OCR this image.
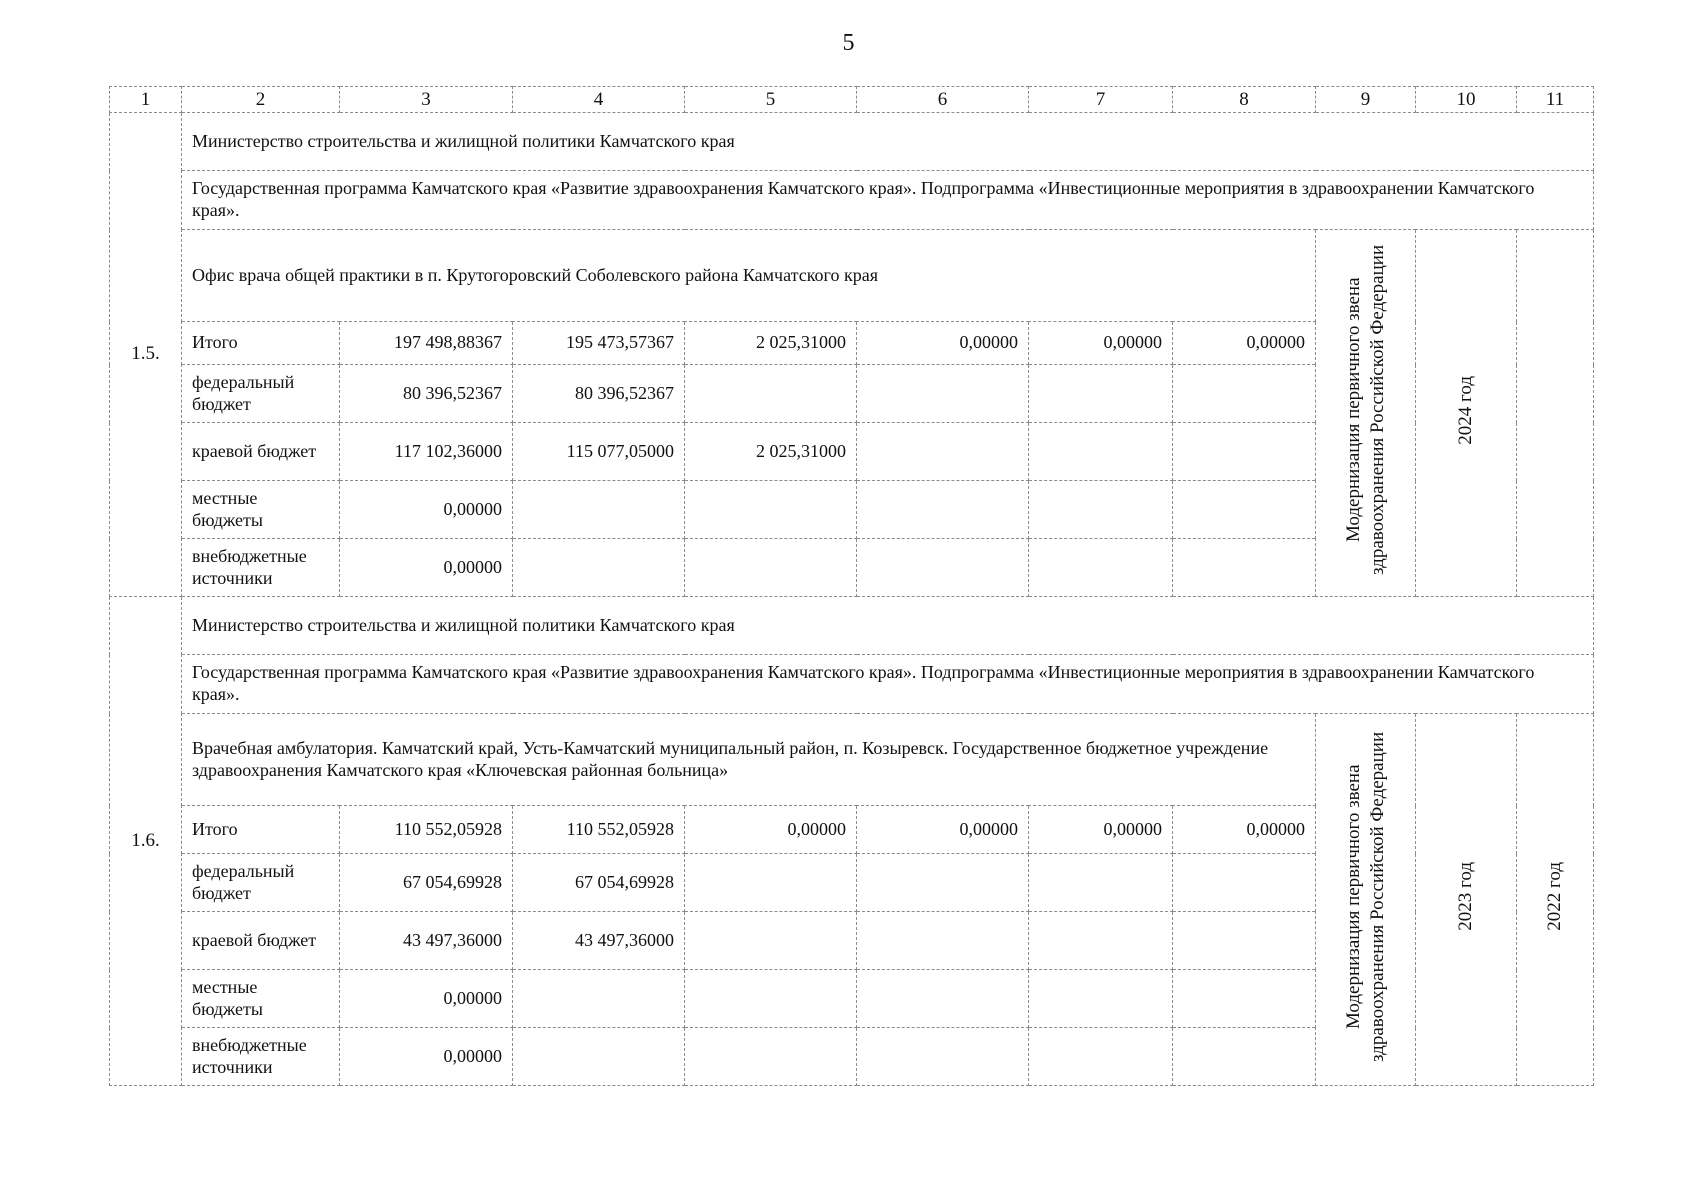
5
1	2	3	4	5	6	7	8	9	10	11
1.5.	Министерство строительства и жилищной политики Камчатского края									
	Государственная программа Камчатского края «Развитие здравоохранения Камчатского края». Подпрограмма «Инвестиционные мероприятия в здравоохранении Камчатского края».									
	Офис врача общей практики в п. Крутогоровский Соболевского района Камчатского края							Модернизация первичного звена здравоохранения Российской Федерации	2024 год	
	Итого	197 498,88367	195 473,57367	2 025,31000	0,00000	0,00000	0,00000			
	федеральный бюджет	80 396,52367	80 396,52367							
	краевой бюджет	117 102,36000	115 077,05000	2 025,31000						
	местные бюджеты	0,00000								
	внебюджетные источники	0,00000								
1.6.	Министерство строительства и жилищной политики Камчатского края									
	Государственная программа Камчатского края «Развитие здравоохранения Камчатского края». Подпрограмма «Инвестиционные мероприятия в здравоохранении Камчатского края».									
	Врачебная амбулатория. Камчатский край, Усть-Камчатский муниципальный район, п. Козыревск. Государственное бюджетное учреждение здравоохранения Камчатского края «Ключевская районная больница»							Модернизация первичного звена здравоохранения Российской Федерации	2023 год	2022 год
	Итого	110 552,05928	110 552,05928	0,00000	0,00000	0,00000	0,00000			
	федеральный бюджет	67 054,69928	67 054,69928							
	краевой бюджет	43 497,36000	43 497,36000							
	местные бюджеты	0,00000								
	внебюджетные источники	0,00000								
